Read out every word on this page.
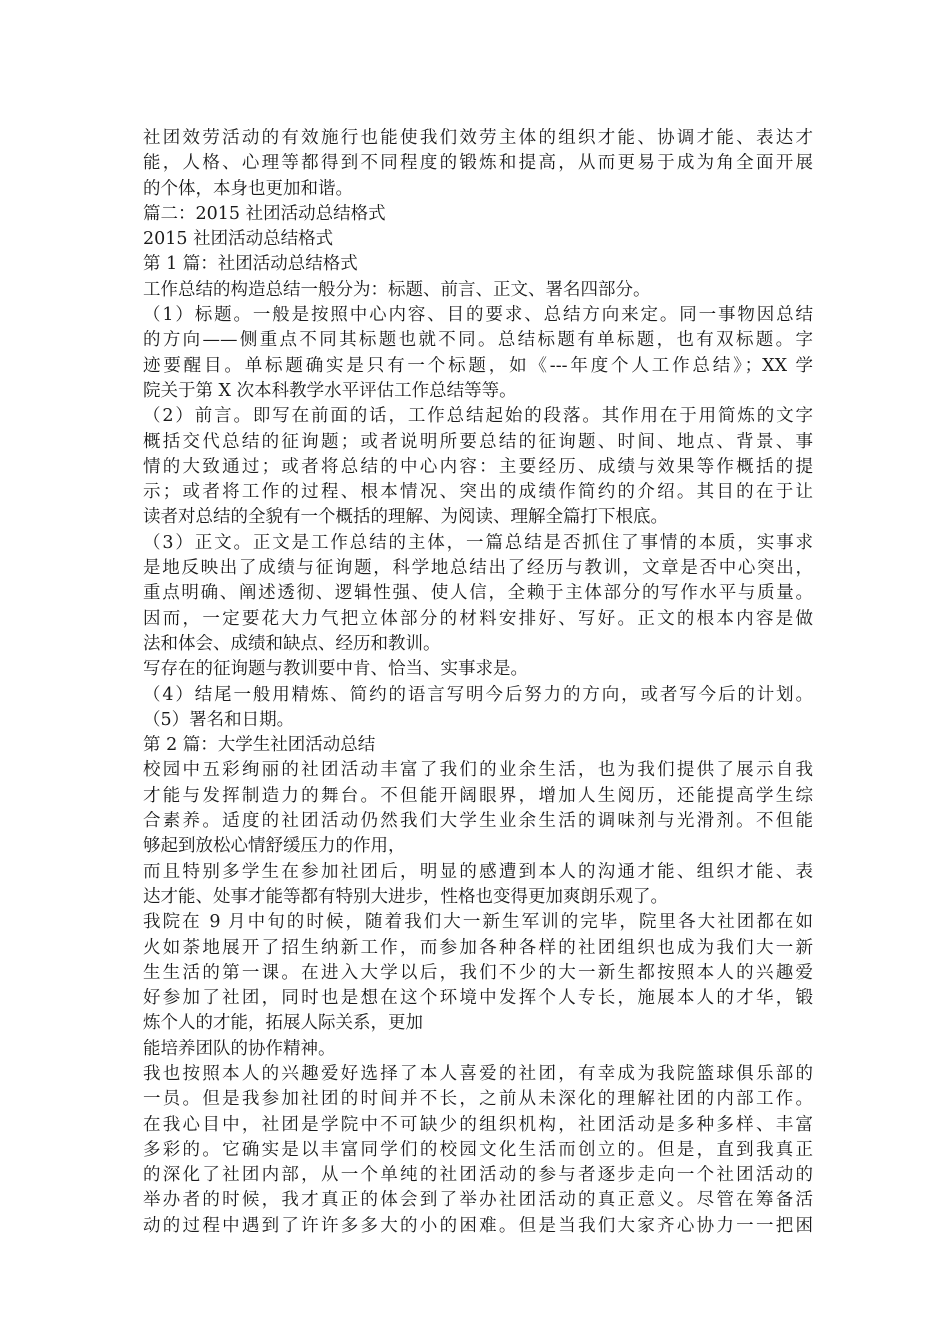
社团效劳活动的有效施行也能使我们效劳主体的组织才能、协调才能、表达才
能，人格、心理等都得到不同程度的锻炼和提高，从而更易于成为角全面开展
的个体，本身也更加和谐。
篇二：2015 社团活动总结格式
2015 社团活动总结格式
第 1 篇：社团活动总结格式
工作总结的构造总结一般分为：标题、前言、正文、署名四部分。
（1）标题。一般是按照中心内容、目的要求、总结方向来定。同一事物因总结
的方向——侧重点不同其标题也就不同。总结标题有单标题，也有双标题。字
迹要醒目。单标题确实是只有一个标题，如《---年度个人工作总结》；XX 学
院关于第 X 次本科教学水平评估工作总结等等。
（2）前言。即写在前面的话，工作总结起始的段落。其作用在于用简炼的文字
概括交代总结的征询题；或者说明所要总结的征询题、时间、地点、背景、事
情的大致通过；或者将总结的中心内容：主要经历、成绩与效果等作概括的提
示；或者将工作的过程、根本情况、突出的成绩作简约的介绍。其目的在于让
读者对总结的全貌有一个概括的理解、为阅读、理解全篇打下根底。
（3）正文。正文是工作总结的主体，一篇总结是否抓住了事情的本质，实事求
是地反映出了成绩与征询题，科学地总结出了经历与教训，文章是否中心突出，
重点明确、阐述透彻、逻辑性强、使人信，全赖于主体部分的写作水平与质量。
因而，一定要花大力气把立体部分的材料安排好、写好。正文的根本内容是做
法和体会、成绩和缺点、经历和教训。
写存在的征询题与教训要中肯、恰当、实事求是。
（4）结尾一般用精炼、简约的语言写明今后努力的方向，或者写今后的计划。
（5）署名和日期。
第 2 篇：大学生社团活动总结
校园中五彩绚丽的社团活动丰富了我们的业余生活，也为我们提供了展示自我
才能与发挥制造力的舞台。不但能开阔眼界，增加人生阅历，还能提高学生综
合素养。适度的社团活动仍然我们大学生业余生活的调味剂与光滑剂。不但能
够起到放松心情舒缓压力的作用，
而且特别多学生在参加社团后，明显的感遭到本人的沟通才能、组织才能、表
达才能、处事才能等都有特别大进步，性格也变得更加爽朗乐观了。
我院在 9 月中旬的时候，随着我们大一新生军训的完毕，院里各大社团都在如
火如荼地展开了招生纳新工作，而参加各种各样的社团组织也成为我们大一新
生生活的第一课。在进入大学以后，我们不少的大一新生都按照本人的兴趣爱
好参加了社团，同时也是想在这个环境中发挥个人专长，施展本人的才华，锻
炼个人的才能，拓展人际关系，更加
能培养团队的协作精神。
我也按照本人的兴趣爱好选择了本人喜爱的社团，有幸成为我院篮球俱乐部的
一员。但是我参加社团的时间并不长，之前从未深化的理解社团的内部工作。
在我心目中，社团是学院中不可缺少的组织机构，社团活动是多种多样、丰富
多彩的。它确实是以丰富同学们的校园文化生活而创立的。但是，直到我真正
的深化了社团内部，从一个单纯的社团活动的参与者逐步走向一个社团活动的
举办者的时候，我才真正的体会到了举办社团活动的真正意义。尽管在筹备活
动的过程中遇到了许许多多大的小的困难。但是当我们大家齐心协力一一把困
